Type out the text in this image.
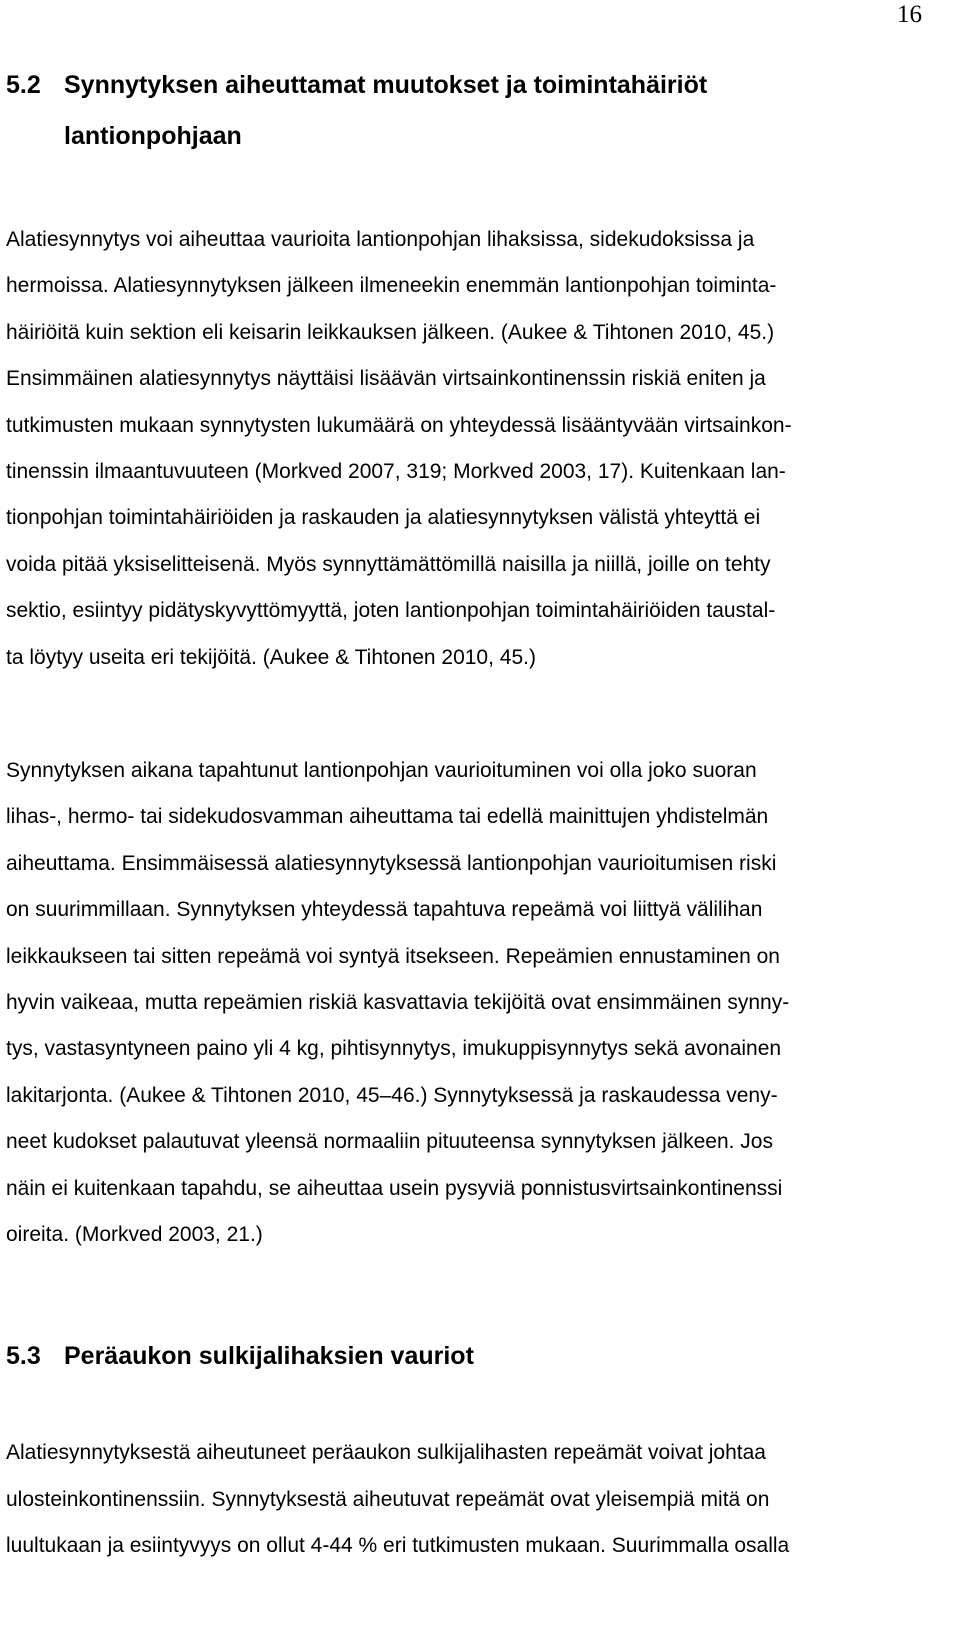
16
5.2 Synnytyksen aiheuttamat muutokset ja toimintahäiriöt
lantionpohjaan
Alatiesynnytys voi aiheuttaa vaurioita lantionpohjan lihaksissa, sidekudoksissa ja
hermoissa. Alatiesynnytyksen jälkeen ilmeneekin enemmän lantionpohjan toiminta-
häiriöitä kuin sektion eli keisarin leikkauksen jälkeen. (Aukee & Tihtonen 2010, 45.)
Ensimmäinen alatiesynnytys näyttäisi lisäävän virtsainkontinenssin riskiä eniten ja
tutkimusten mukaan synnytysten lukumäärä on yhteydessä lisääntyvään virtsainkon-
tinenssin ilmaantuvuuteen (Morkved 2007, 319; Morkved 2003, 17). Kuitenkaan lan-
tionpohjan toimintahäiriöiden ja raskauden ja alatiesynnytyksen välistä yhteyttä ei
voida pitää yksiselitteisenä. Myös synnyttämättömillä naisilla ja niillä, joille on tehty
sektio, esiintyy pidätyskyvyttömyyttä, joten lantionpohjan toimintahäiriöiden taustal-
ta löytyy useita eri tekijöitä. (Aukee & Tihtonen 2010, 45.)
Synnytyksen aikana tapahtunut lantionpohjan vaurioituminen voi olla joko suoran
lihas-, hermo- tai sidekudosvamman aiheuttama tai edellä mainittujen yhdistelmän
aiheuttama. Ensimmäisessä alatiesynnytyksessä lantionpohjan vaurioitumisen riski
on suurimmillaan. Synnytyksen yhteydessä tapahtuva repeämä voi liittyä välilihan
leikkaukseen tai sitten repeämä voi syntyä itsekseen. Repeämien ennustaminen on
hyvin vaikeaa, mutta repeämien riskiä kasvattavia tekijöitä ovat ensimmäinen synny-
tys, vastasyntyneen paino yli 4 kg, pihtisynnytys, imukuppisynnytys sekä avonainen
lakitarjonta. (Aukee & Tihtonen 2010, 45–46.) Synnytyksessä ja raskaudessa veny-
neet kudokset palautuvat yleensä normaaliin pituuteensa synnytyksen jälkeen. Jos
näin ei kuitenkaan tapahdu, se aiheuttaa usein pysyviä ponnistusvirtsainkontinenssi
oireita. (Morkved 2003, 21.)
5.3 Peräaukon sulkijalihaksien vauriot
Alatiesynnytyksestä aiheutuneet peräaukon sulkijalihasten repeämät voivat johtaa
ulosteinkontinenssiin. Synnytyksestä aiheutuvat repeämät ovat yleisempiä mitä on
luultukaan ja esiintyvyys on ollut 4-44 % eri tutkimusten mukaan. Suurimmalla osalla
